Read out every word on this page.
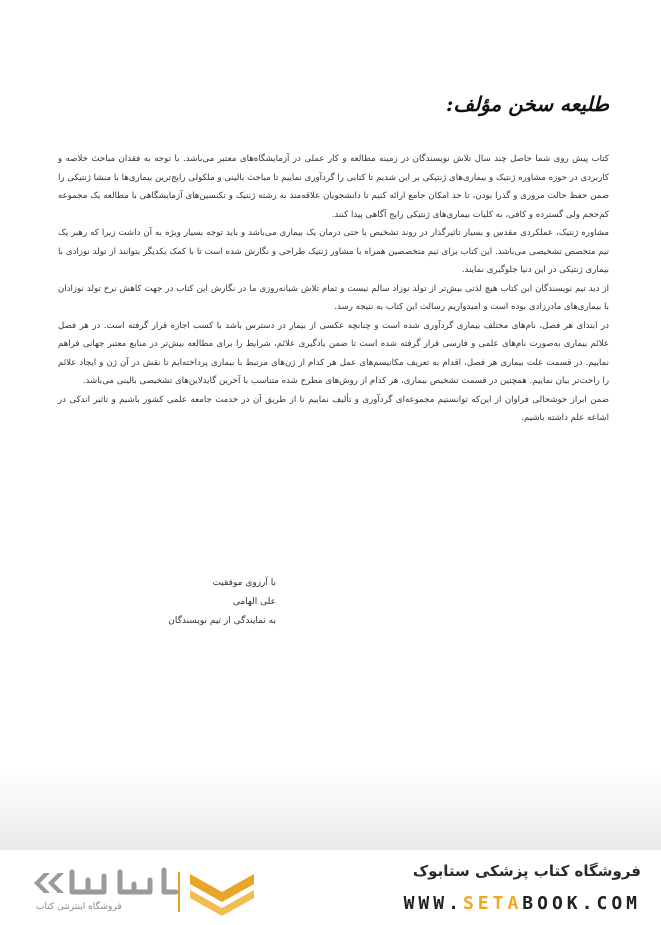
طلیعه سخن مؤلف:

کتاب پیش روی شما حاصل چند سال تلاش نویسندگان در زمینه مطالعه و کار عملی در آزمایشگاه‌های معتبر می‌باشد. با توجه به فقدان مباحث خلاصه و کاربردی در حوزه مشاوره ژنتیک و بیماری‌های ژنتیکی بر این شدیم تا کتابی را گردآوری نماییم تا مباحث بالینی و ملکولی رایج‌ترین بیماری‌ها با منشا ژنتیکی را ضمن حفظ حالت مروری و گذرا بودن، تا حد امکان جامع ارائه کنیم تا دانشجویان علاقه‌مند به رشته ژنتیک و تکنسین‌های آزمایشگاهی با مطالعه یک مجموعه کم‌حجم ولی گسترده و کافی، به کلیات بیماری‌های ژنتیکی رایج آگاهی پیدا کنند.

مشاوره ژنتیک، عملکردی مقدس و بسیار تاثیرگذار در روند تشخیص یا حتی درمان یک بیماری می‌باشد و باید توجه بسیار ویژه به آن داشت زیرا که رهبر یک تیم متخصص تشخیصی می‌باشد. این کتاب برای تیم متخصصین همراه با مشاور ژنتیک طراحی و نگارش شده است تا با کمک یکدیگر بتوانند از تولد نوزادی با بیماری ژنتیکی در این دنیا جلوگیری نمایند.

از دید تیم نویسندگان این کتاب هیچ لذتی بیش‌تر از تولد نوزاد سالم نیست و تمام تلاش شبانه‌روزی ما در نگارش این کتاب در جهت کاهش نرخ تولد نوزادان با بیماری‌های مادرزادی بوده است و امیدواریم رسالت این کتاب به نتیجه رسد.

در ابتدای هر فصل، نام‌های مختلف بیماری گردآوری شده است و چنانچه عکسی از بیمار در دسترس باشد با کسب اجازه قرار گرفته است. در هر فصل علائم بیماری به‌صورت نام‌های علمی و فارسی قرار گرفته شده است تا ضمن یادگیری علائم، شرایط را برای مطالعه بیش‌تر در منابع معتبر جهانی فراهم نماییم. در قسمت علت بیماری هر فصل، اقدام به تعریف مکانیسم‌های عمل هر کدام از ژن‌های مرتبط با بیماری پرداخته‌ایم تا نقش در آن ژن و ایجاد علائم را راحت‌تر بیان نماییم. همچنین در قسمت تشخیص بیماری، هر کدام از روش‌های مطرح شده متناسب با آخرین گایدلاین‌های تشخیصی بالینی می‌باشد.

ضمن ابراز خوشحالی فراوان از این‌که توانستیم مجموعه‌ای گردآوری و تألیف نماییم تا از طریق آن در خدمت جامعه علمی کشور باشیم و تاثیر اندکی در اشاعه علم داشته باشیم.

با آرزوی موفقیت
علی الهامی
به نمایندگی از تیم نویسندگان
فروشگاه اینترنتی کتاب
فروشگاه کتاب پزشکی ستابوک
WWW.SETABOOK.COM
